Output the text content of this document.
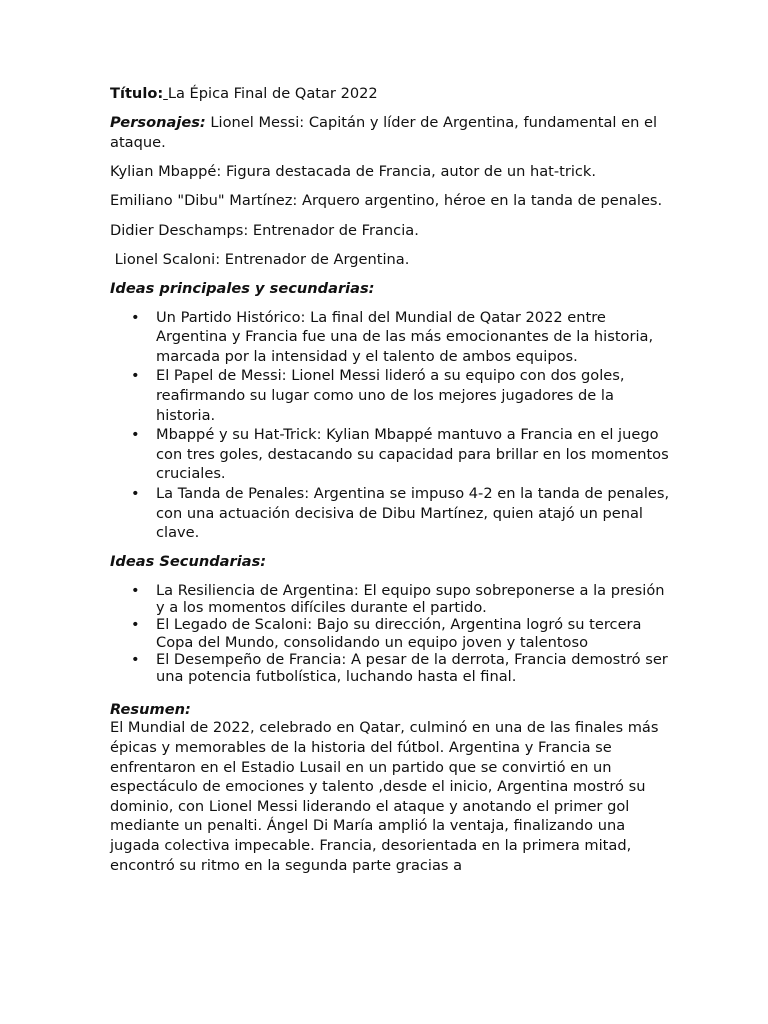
Título: La Épica Final de Qatar 2022

Personajes: Lionel Messi: Capitán y líder de Argentina, fundamental en el ataque.

Kylian Mbappé: Figura destacada de Francia, autor de un hat-trick.

Emiliano "Dibu" Martínez: Arquero argentino, héroe en la tanda de penales.

Didier Deschamps: Entrenador de Francia.

Lionel Scaloni: Entrenador de Argentina.

Ideas principales y secundarias:

• Un Partido Histórico: La final del Mundial de Qatar 2022 entre Argentina y Francia fue una de las más emocionantes de la historia, marcada por la intensidad y el talento de ambos equipos.
• El Papel de Messi: Lionel Messi lideró a su equipo con dos goles, reafirmando su lugar como uno de los mejores jugadores de la historia.
• Mbappé y su Hat-Trick: Kylian Mbappé mantuvo a Francia en el juego con tres goles, destacando su capacidad para brillar en los momentos cruciales.
• La Tanda de Penales: Argentina se impuso 4-2 en la tanda de penales, con una actuación decisiva de Dibu Martínez, quien atajó un penal clave.

Ideas Secundarias:

• La Resiliencia de Argentina: El equipo supo sobreponerse a la presión y a los momentos difíciles durante el partido.
• El Legado de Scaloni: Bajo su dirección, Argentina logró su tercera Copa del Mundo, consolidando un equipo joven y talentoso
• El Desempeño de Francia: A pesar de la derrota, Francia demostró ser una potencia futbolística, luchando hasta el final.

Resumen:

El Mundial de 2022, celebrado en Qatar, culminó en una de las finales más épicas y memorables de la historia del fútbol. Argentina y Francia se enfrentaron en el Estadio Lusail en un partido que se convirtió en un espectáculo de emociones y talento ,desde el inicio, Argentina mostró su dominio, con Lionel Messi liderando el ataque y anotando el primer gol mediante un penalti. Ángel Di María amplió la ventaja, finalizando una jugada colectiva impecable. Francia, desorientada en la primera mitad, encontró su ritmo en la segunda parte gracias a
